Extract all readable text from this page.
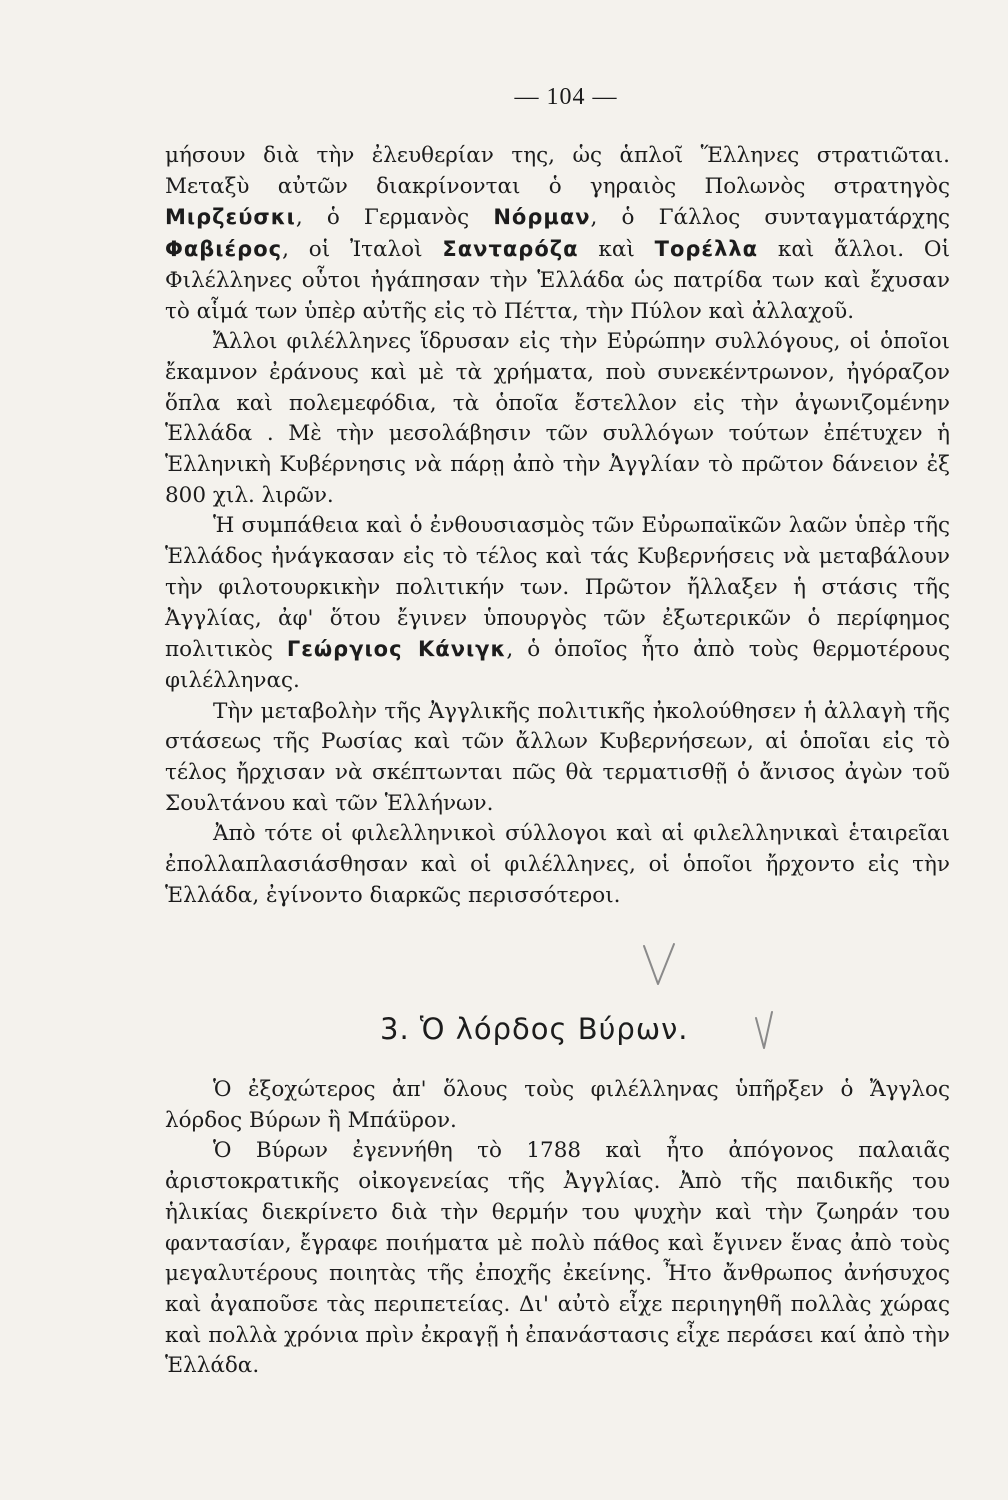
— 104 —

μήσουν διὰ τὴν ἐλευθερίαν της, ὡς ἁπλοῖ Ἕλληνες στρατιῶται. Μεταξὺ αὐτῶν διακρίνονται ὁ γηραιὸς Πολωνὸς στρατηγὸς Μιρζεύσκι, ὁ Γερμανὸς Νόρμαν, ὁ Γάλλος συνταγματάρχης Φαβιέρος, οἱ Ἰταλοὶ Σανταρόζα καὶ Τορέλλα καὶ ἄλλοι. Οἱ Φιλέλληνες οὗτοι ἠγάπησαν τὴν Ἑλλάδα ὡς πατρίδα των καὶ ἔχυσαν τὸ αἷμά των ὑπὲρ αὐτῆς εἰς τὸ Πέττα, τὴν Πύλον καὶ ἀλλαχοῦ.

Ἄλλοι φιλέλληνες ἵδρυσαν εἰς τὴν Εὐρώπην συλλόγους, οἱ ὁποῖοι ἔκαμνον ἐράνους καὶ μὲ τὰ χρήματα, ποὺ συνεκέντρωνον, ἠγόραζον ὅπλα καὶ πολεμεφόδια, τὰ ὁποῖα ἔστελλον εἰς τὴν ἀγωνιζομένην Ἑλλάδα . Μὲ τὴν μεσολάβησιν τῶν συλλόγων τούτων ἐπέτυχεν ἡ Ἑλληνικὴ Κυβέρνησις νὰ πάρῃ ἀπὸ τὴν Ἀγγλίαν τὸ πρῶτον δάνειον ἐξ 800 χιλ. λιρῶν.

Ἡ συμπάθεια καὶ ὁ ἐνθουσιασμὸς τῶν Εὐρωπαϊκῶν λαῶν ὑπὲρ τῆς Ἑλλάδος ἠνάγκασαν εἰς τὸ τέλος καὶ τάς Κυβερνήσεις νὰ μεταβάλουν τὴν φιλοτουρκικὴν πολιτικήν των. Πρῶτον ἤλλαξεν ἡ στάσις τῆς Ἀγγλίας, ἀφ' ὅτου ἔγινεν ὑπουργὸς τῶν ἐξωτερικῶν ὁ περίφημος πολιτικὸς Γεώργιος Κάνιγκ, ὁ ὁποῖος ἦτο ἀπὸ τοὺς θερμοτέρους φιλέλληνας.

Τὴν μεταβολὴν τῆς Ἀγγλικῆς πολιτικῆς ἠκολούθησεν ἡ ἀλλαγὴ τῆς στάσεως τῆς Ρωσίας καὶ τῶν ἄλλων Κυβερνήσεων, αἱ ὁποῖαι εἰς τὸ τέλος ἤρχισαν νὰ σκέπτωνται πῶς θὰ τερματισθῇ ὁ ἄνισος ἀγὼν τοῦ Σουλτάνου καὶ τῶν Ἑλλήνων.

Ἀπὸ τότε οἱ φιλελληνικοὶ σύλλογοι καὶ αἱ φιλελληνικαὶ ἑταιρεῖαι ἐπολλαπλασιάσθησαν καὶ οἱ φιλέλληνες, οἱ ὁποῖοι ἤρχοντο εἰς τὴν Ἑλλάδα, ἐγίνοντο διαρκῶς περισσότεροι.

3. Ὁ λόρδος Βύρων.

Ὁ ἐξοχώτερος ἀπ' ὅλους τοὺς φιλέλληνας ὑπῆρξεν ὁ Ἄγγλος λόρδος Βύρων ἢ Μπάϋρον.

Ὁ Βύρων ἐγεννήθη τὸ 1788 καὶ ἦτο ἀπόγονος παλαιᾶς ἀριστοκρατικῆς οἰκογενείας τῆς Ἀγγλίας. Ἀπὸ τῆς παιδικῆς του ἡλικίας διεκρίνετο διὰ τὴν θερμήν του ψυχὴν καὶ τὴν ζωηράν του φαντασίαν, ἔγραφε ποιήματα μὲ πολὺ πάθος καὶ ἔγινεν ἕνας ἀπὸ τοὺς μεγαλυτέρους ποιητὰς τῆς ἐποχῆς ἐκείνης. Ἦτο ἄνθρωπος ἀνήσυχος καὶ ἀγαποῦσε τὰς περιπετείας. Δι' αὐτὸ εἶχε περιηγηθῆ πολλὰς χώρας καὶ πολλὰ χρόνια πρὶν ἐκραγῇ ἡ ἐπανάστασις εἶχε περάσει καί ἀπὸ τὴν Ἑλλάδα.
